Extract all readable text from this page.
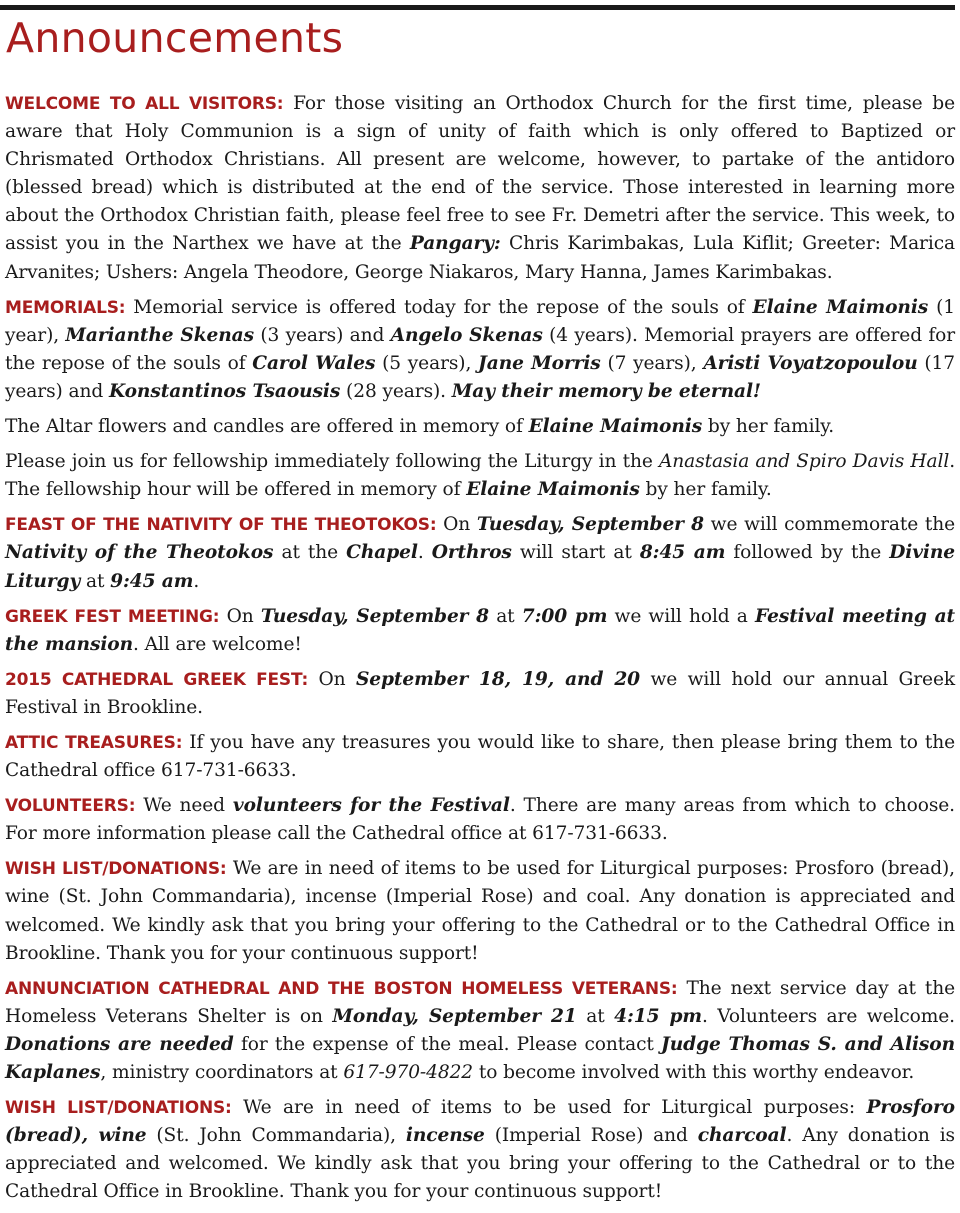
Announcements

WELCOME TO ALL VISITORS: For those visiting an Orthodox Church for the first time, please be aware that Holy Communion is a sign of unity of faith which is only offered to Baptized or Chrismated Orthodox Christians. All present are welcome, however, to partake of the antidoro (blessed bread) which is distributed at the end of the service. Those interested in learning more about the Orthodox Christian faith, please feel free to see Fr. Demetri after the service. This week, to assist you in the Narthex we have at the Pangary: Chris Karimbakas, Lula Kiflit; Greeter: Marica Arvanites; Ushers: Angela Theodore, George Niakaros, Mary Hanna, James Karimbakas.

MEMORIALS: Memorial service is offered today for the repose of the souls of Elaine Maimonis (1 year), Marianthe Skenas (3 years) and Angelo Skenas (4 years). Memorial prayers are offered for the repose of the souls of Carol Wales (5 years), Jane Morris (7 years), Aristi Voyatzopoulou (17 years) and Konstantinos Tsaousis (28 years). May their memory be eternal!

The Altar flowers and candles are offered in memory of Elaine Maimonis by her family.

Please join us for fellowship immediately following the Liturgy in the Anastasia and Spiro Davis Hall. The fellowship hour will be offered in memory of Elaine Maimonis by her family.

FEAST OF THE NATIVITY OF THE THEOTOKOS: On Tuesday, September 8 we will commemorate the Nativity of the Theotokos at the Chapel. Orthros will start at 8:45 am followed by the Divine Liturgy at 9:45 am.

GREEK FEST MEETING: On Tuesday, September 8 at 7:00 pm we will hold a Festival meeting at the mansion. All are welcome!

2015 CATHEDRAL GREEK FEST: On September 18, 19, and 20 we will hold our annual Greek Festival in Brookline.

ATTIC TREASURES: If you have any treasures you would like to share, then please bring them to the Cathedral office 617-731-6633.

VOLUNTEERS: We need volunteers for the Festival. There are many areas from which to choose. For more information please call the Cathedral office at 617-731-6633.

WISH LIST/DONATIONS: We are in need of items to be used for Liturgical purposes: Prosforo (bread), wine (St. John Commandaria), incense (Imperial Rose) and coal. Any donation is appreciated and welcomed. We kindly ask that you bring your offering to the Cathedral or to the Cathedral Office in Brookline. Thank you for your continuous support!

ANNUNCIATION CATHEDRAL AND THE BOSTON HOMELESS VETERANS: The next service day at the Homeless Veterans Shelter is on Monday, September 21 at 4:15 pm. Volunteers are welcome. Donations are needed for the expense of the meal. Please contact Judge Thomas S. and Alison Kaplanes, ministry coordinators at 617-970-4822 to become involved with this worthy endeavor.

WISH LIST/DONATIONS: We are in need of items to be used for Liturgical purposes: Prosforo (bread), wine (St. John Commandaria), incense (Imperial Rose) and charcoal. Any donation is appreciated and welcomed. We kindly ask that you bring your offering to the Cathedral or to the Cathedral Office in Brookline. Thank you for your continuous support!
